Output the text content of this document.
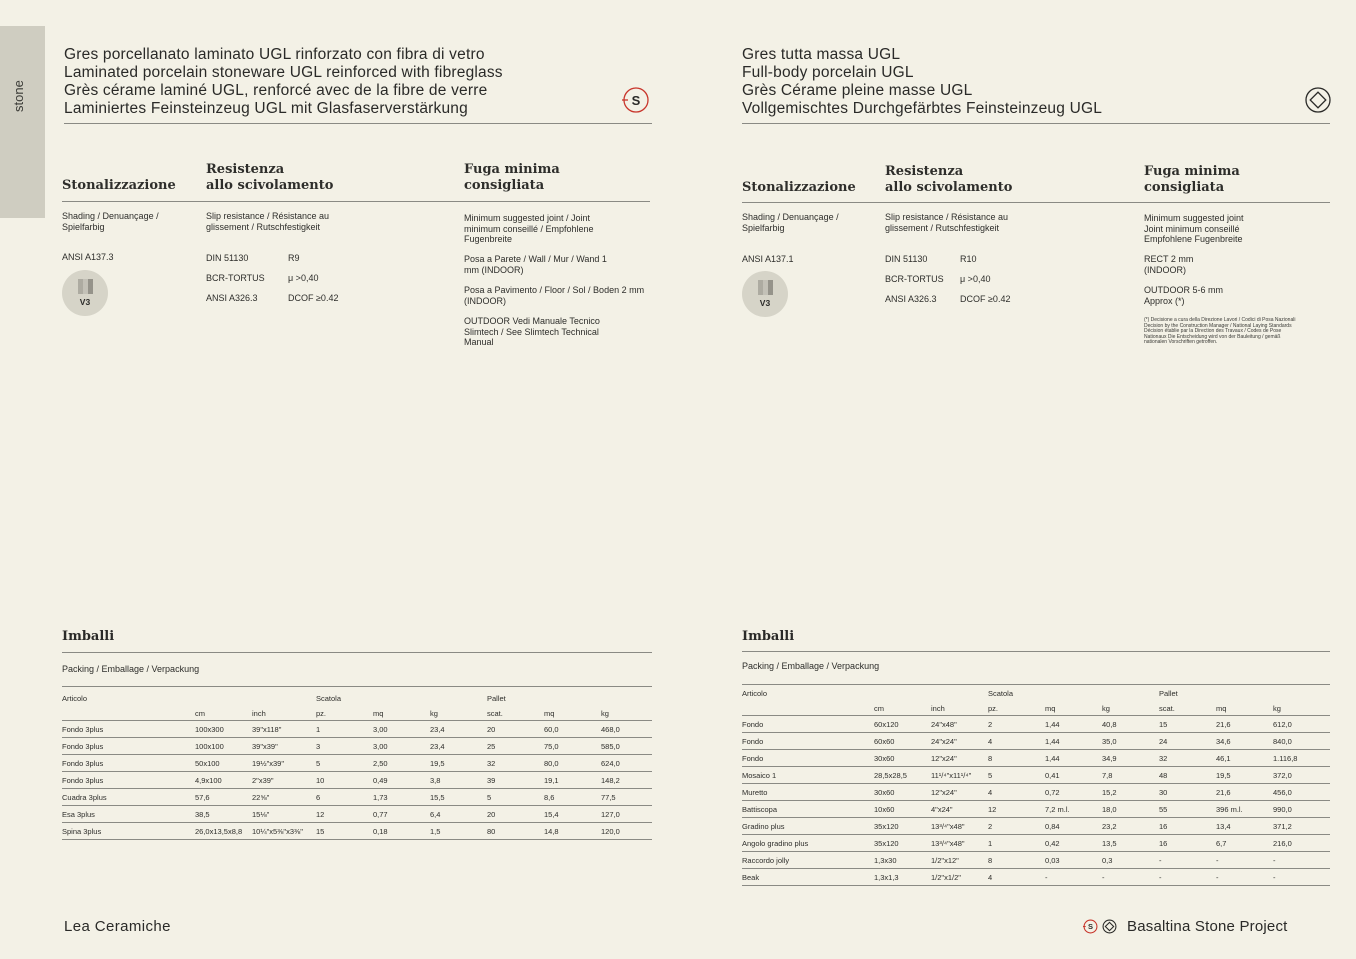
stone
Gres porcellanato laminato UGL rinforzato con fibra di vetro
Laminated porcelain stoneware UGL reinforced with fibreglass
Grès cérame laminé UGL, renforcé avec de la fibre de verre
Laminiertes Feinsteinzeug UGL mit Glasfaserverstärkung	S
Stonalizzazione
Resistenza
allo scivolamento
Fuga minima
consigliata
Shading / Denuançage / Spielfarbig
ANSI A137.3
V3
Slip resistance / Résistance au glissement / Rutschfestigkeit
DIN 51130	R9
BCR-TORTUS	μ >0,40
ANSI A326.3	DCOF ≥0.42
Minimum suggested joint / Joint minimum conseillé / Empfohlene Fugenbreite
Posa a Parete / Wall / Mur / Wand 1 mm (INDOOR)
Posa a Pavimento / Floor / Sol / Boden 2 mm (INDOOR)
OUTDOOR Vedi Manuale Tecnico Slimtech / See Slimtech Technical Manual
Imballi
Packing / Emballage / Verpackung
Articolo			Scatola			Pallet		
	cm	inch	pz.	mq	kg	scat.	mq	kg
Fondo 3plus	100x300	39"x118"	1	3,00	23,4	20	60,0	468,0
Fondo 3plus	100x100	39"x39"	3	3,00	23,4	25	75,0	585,0
Fondo 3plus	50x100	19½"x39"	5	2,50	19,5	32	80,0	624,0
Fondo 3plus	4,9x100	2"x39"	10	0,49	3,8	39	19,1	148,2
Cuadra 3plus	57,6	22⅝"	6	1,73	15,5	5	8,6	77,5
Esa 3plus	38,5	15⅛"	12	0,77	6,4	20	15,4	127,0
Spina 3plus	26,0x13,5x8,8	10¼"x5⅜"x3⅜"	15	0,18	1,5	80	14,8	120,0
Gres tutta massa UGL
Full-body porcelain UGL
Grès Cérame pleine masse UGL
Vollgemischtes Durchgefärbtes Feinsteinzeug UGL
Stonalizzazione
Resistenza
allo scivolamento
Fuga minima
consigliata
Shading / Denuançage / Spielfarbig
ANSI A137.1
V3
Slip resistance / Résistance au glissement / Rutschfestigkeit
DIN 51130	R10
BCR-TORTUS μ >0,40
ANSI A326.3	DCOF ≥0.42
Minimum suggested joint Joint minimum conseillé Empfohlene Fugenbreite
RECT 2 mm (INDOOR)
OUTDOOR 5-6 mm Approx (*)
(*) Decisione a cura della Direzione Lavori / Codici di Posa Nazionali Decision by the Construction Manager / National Laying Standards Décision établie par la Direction des Travaux / Codes de Pose Nationaux Die Entscheidung wird von der Bauleitung / gemäß nationalen Vorschriften getroffen.
Imballi
Packing / Emballage / Verpackung
Articolo			Scatola			Pallet		
	cm	inch	pz.	mq	kg	scat.	mq	kg
Fondo	60x120	24"x48"	2	1,44	40,8	15	21,6	612,0
Fondo	60x60	24"x24"	4	1,44	35,0	24	34,6	840,0
Fondo	30x60	12"x24"	8	1,44	34,9	32	46,1	1.116,8
Mosaico 1	28,5x28,5	11¹/⁴"x11¹/⁴"	5	0,41	7,8	48	19,5	372,0
Muretto	30x60	12"x24"	4	0,72	15,2	30	21,6	456,0
Battiscopa	10x60	4"x24"	12	7,2 m.l.	18,0	55	396 m.l.	990,0
Gradino plus	35x120	13³/⁴"x48"	2	0,84	23,2	16	13,4	371,2
Angolo gradino plus	35x120	13³/⁴"x48"	1	0,42	13,5	16	6,7	216,0
Raccordo jolly	1,3x30	1/2"x12"	8	0,03	0,3	-	-	-
Beak	1,3x1,3	1/2"x1/2"	4	-	-	-	-	-
Lea Ceramiche	S Basaltina Stone Project
